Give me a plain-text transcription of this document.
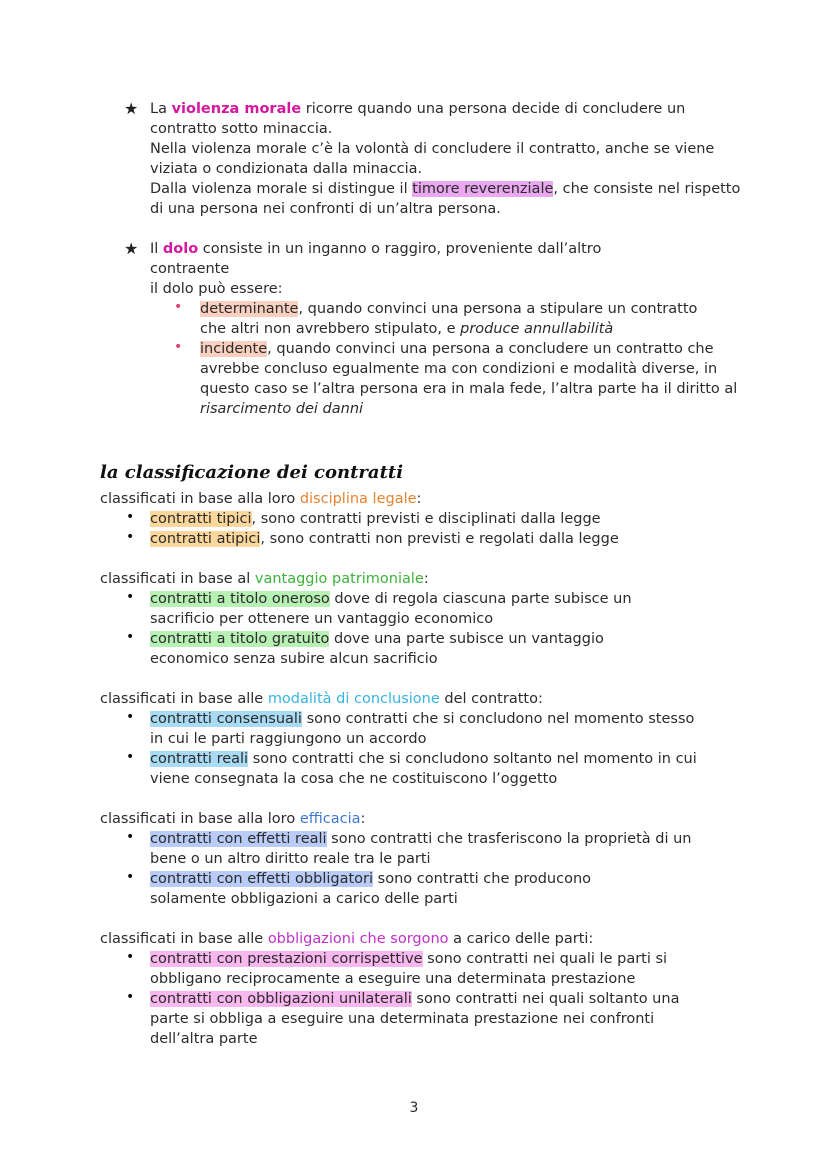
★ La violenza morale ricorre quando una persona decide di concludere un contratto sotto minaccia.

Nella violenza morale c’è la volontà di concludere il contratto, anche se viene viziata o condizionata dalla minaccia.

Dalla violenza morale si distingue il timore reverenziale, che consiste nel rispetto di una persona nei confronti di un’altra persona.

★ Il dolo consiste in un inganno o raggiro, proveniente dall’altro contraente

il dolo può essere:

• determinante, quando convinci una persona a stipulare un contratto che altri non avrebbero stipulato, e produce annullabilità

• incidente, quando convinci una persona a concludere un contratto che avrebbe concluso egualmente ma con condizioni e modalità diverse, in questo caso se l’altra persona era in mala fede, l’altra parte ha il diritto al risarcimento dei danni

la classificazione dei contratti

classificati in base alla loro disciplina legale:

• contratti tipici, sono contratti previsti e disciplinati dalla legge

• contratti atipici, sono contratti non previsti e regolati dalla legge

classificati in base al vantaggio patrimoniale:

• contratti a titolo oneroso dove di regola ciascuna parte subisce un sacrificio per ottenere un vantaggio economico

• contratti a titolo gratuito dove una parte subisce un vantaggio economico senza subire alcun sacrificio

classificati in base alle modalità di conclusione del contratto:

• contratti consensuali sono contratti che si concludono nel momento stesso in cui le parti raggiungono un accordo

• contratti reali sono contratti che si concludono soltanto nel momento in cui viene consegnata la cosa che ne costituiscono l’oggetto

classificati in base alla loro efficacia:

• contratti con effetti reali sono contratti che trasferiscono la proprietà di un bene o un altro diritto reale tra le parti

• contratti con effetti obbligatori sono contratti che producono solamente obbligazioni a carico delle parti

classificati in base alle obbligazioni che sorgono a carico delle parti:

• contratti con prestazioni corrispettive sono contratti nei quali le parti si obbligano reciprocamente a eseguire una determinata prestazione

• contratti con obbligazioni unilaterali sono contratti nei quali soltanto una parte si obbliga a eseguire una determinata prestazione nei confronti dell’altra parte

3
